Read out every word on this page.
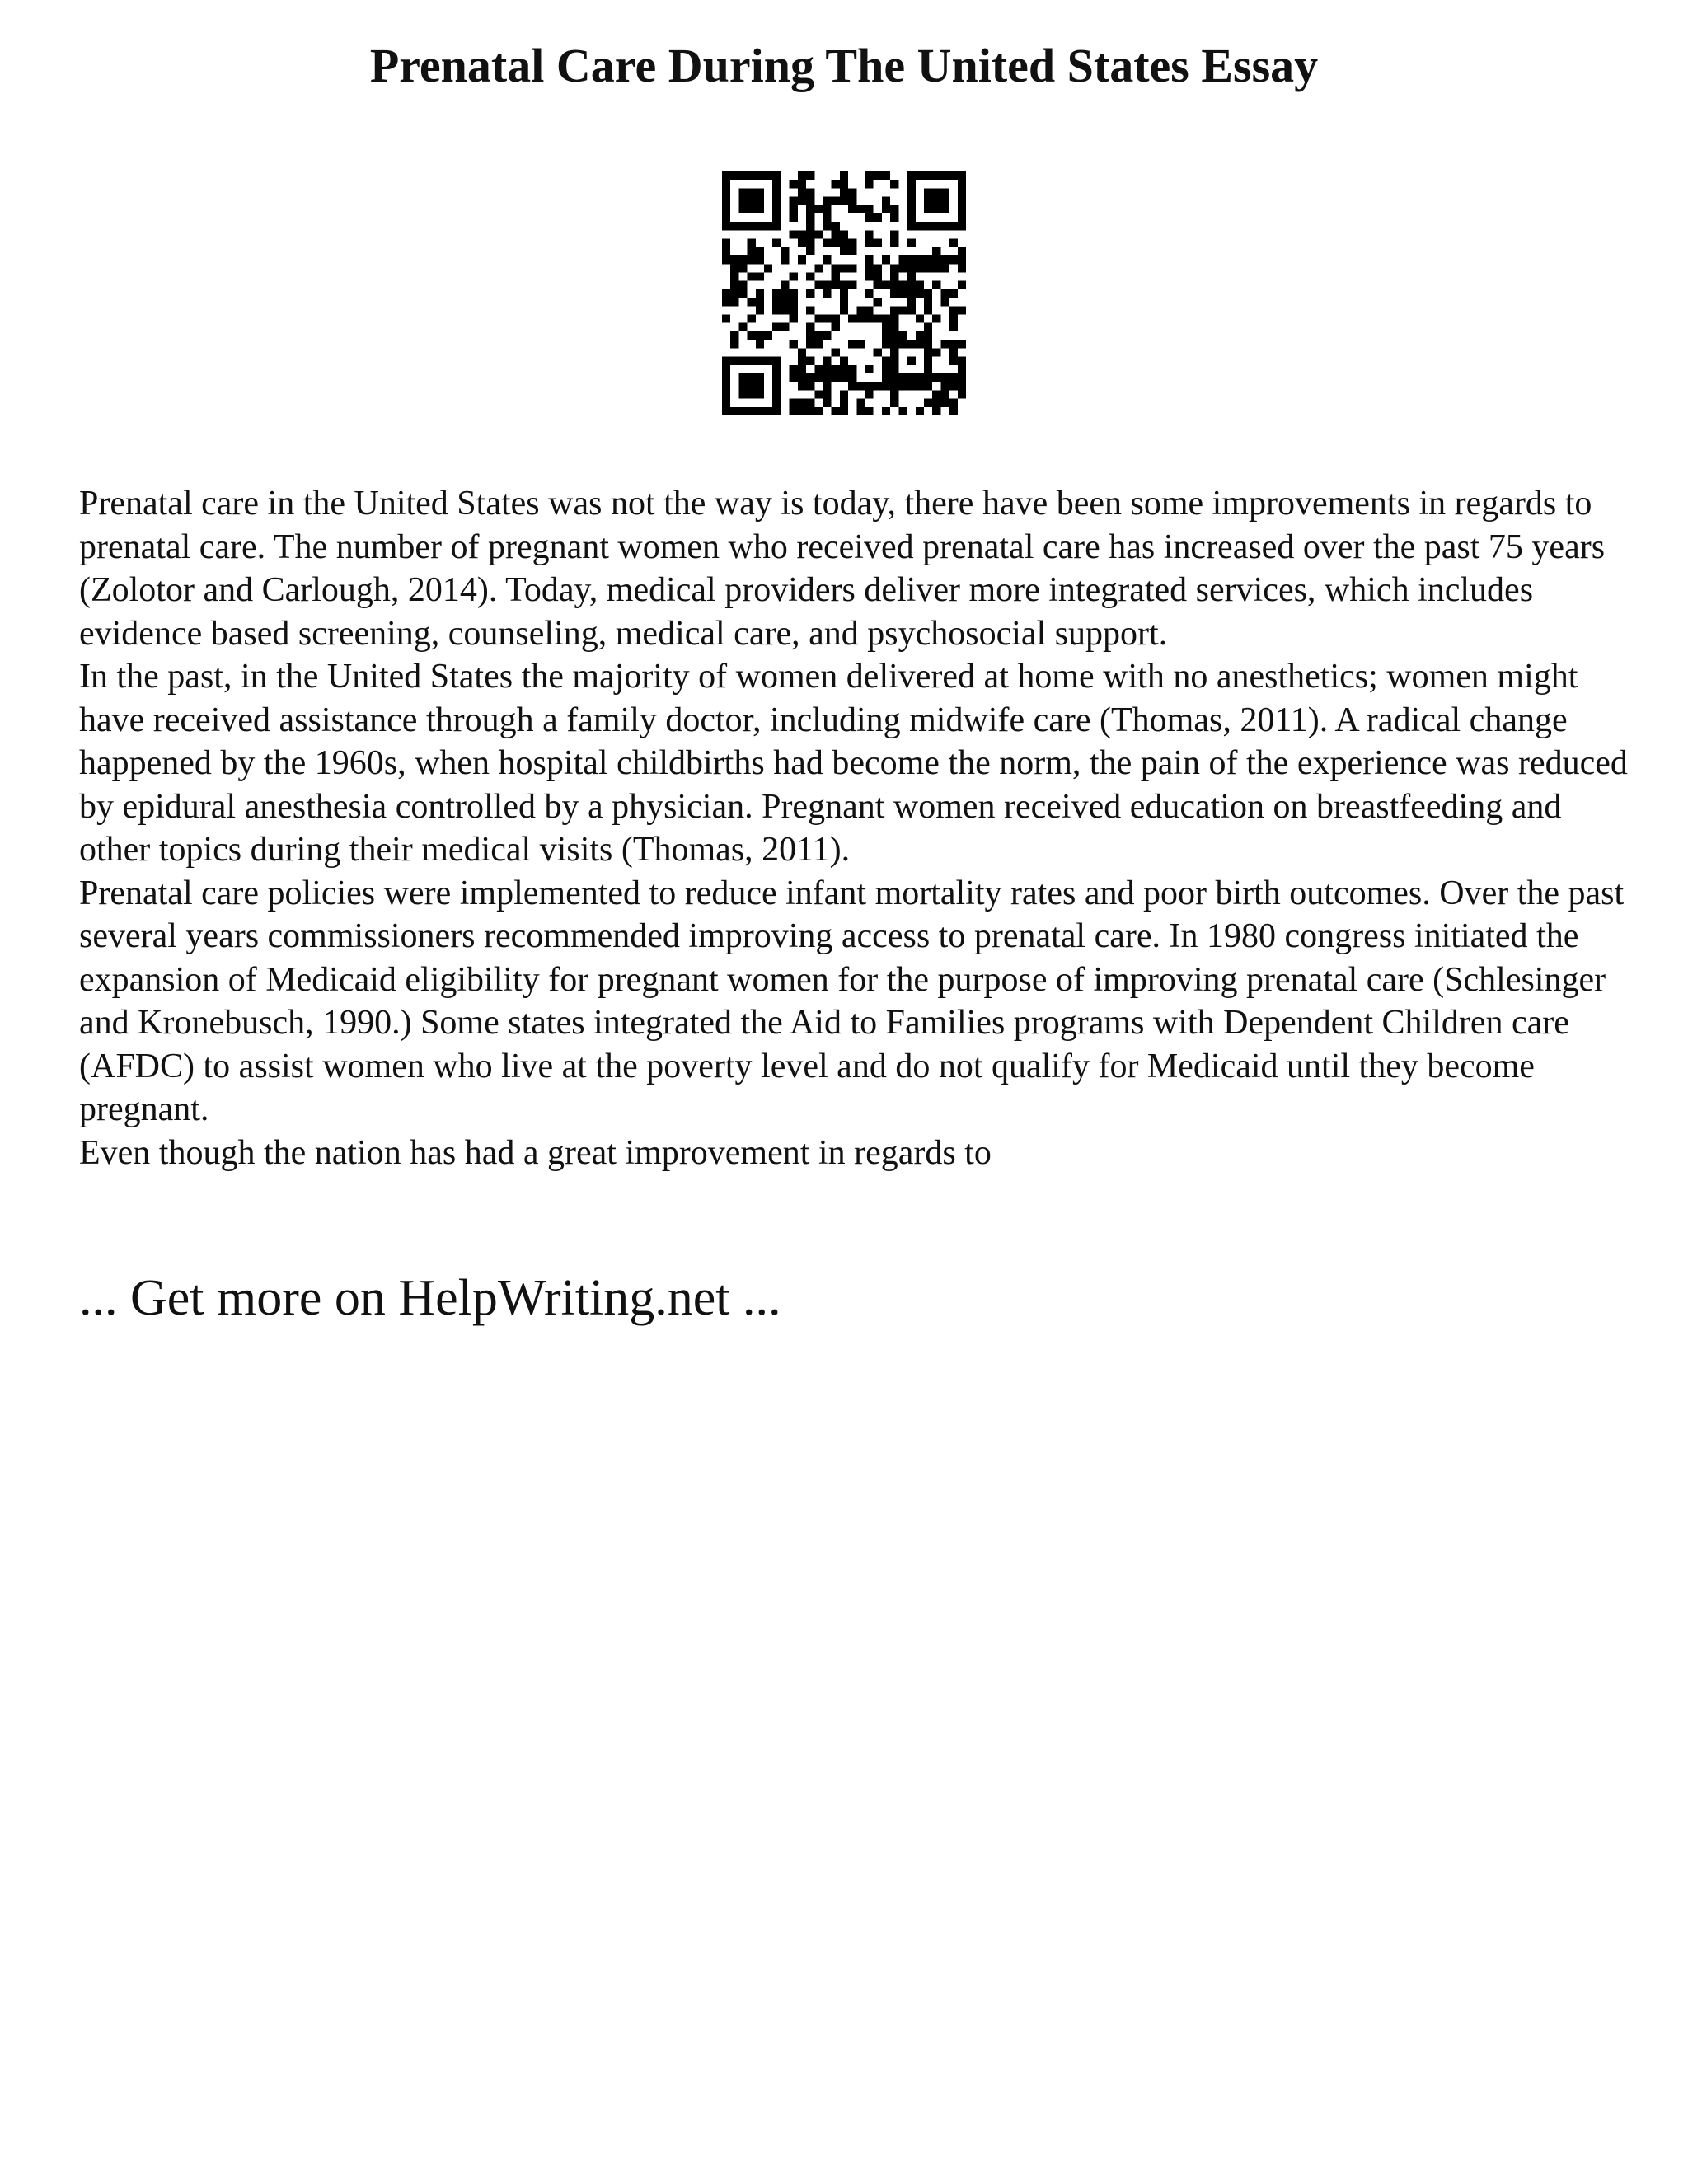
Prenatal Care During The United States Essay

Prenatal care in the United States was not the way is today, there have been some improvements in regards to prenatal care. The number of pregnant women who received prenatal care has increased over the past 75 years (Zolotor and Carlough, 2014). Today, medical providers deliver more integrated services, which includes evidence based screening, counseling, medical care, and psychosocial support.

In the past, in the United States the majority of women delivered at home with no anesthetics; women might have received assistance through a family doctor, including midwife care (Thomas, 2011). A radical change happened by the 1960s, when hospital childbirths had become the norm, the pain of the experience was reduced by epidural anesthesia controlled by a physician. Pregnant women received education on breastfeeding and other topics during their medical visits (Thomas, 2011).

Prenatal care policies were implemented to reduce infant mortality rates and poor birth outcomes. Over the past several years commissioners recommended improving access to prenatal care. In 1980 congress initiated the expansion of Medicaid eligibility for pregnant women for the purpose of improving prenatal care (Schlesinger and Kronebusch, 1990.) Some states integrated the Aid to Families programs with Dependent Children care (AFDC) to assist women who live at the poverty level and do not qualify for Medicaid until they become pregnant.

Even though the nation has had a great improvement in regards to

... Get more on HelpWriting.net ...
